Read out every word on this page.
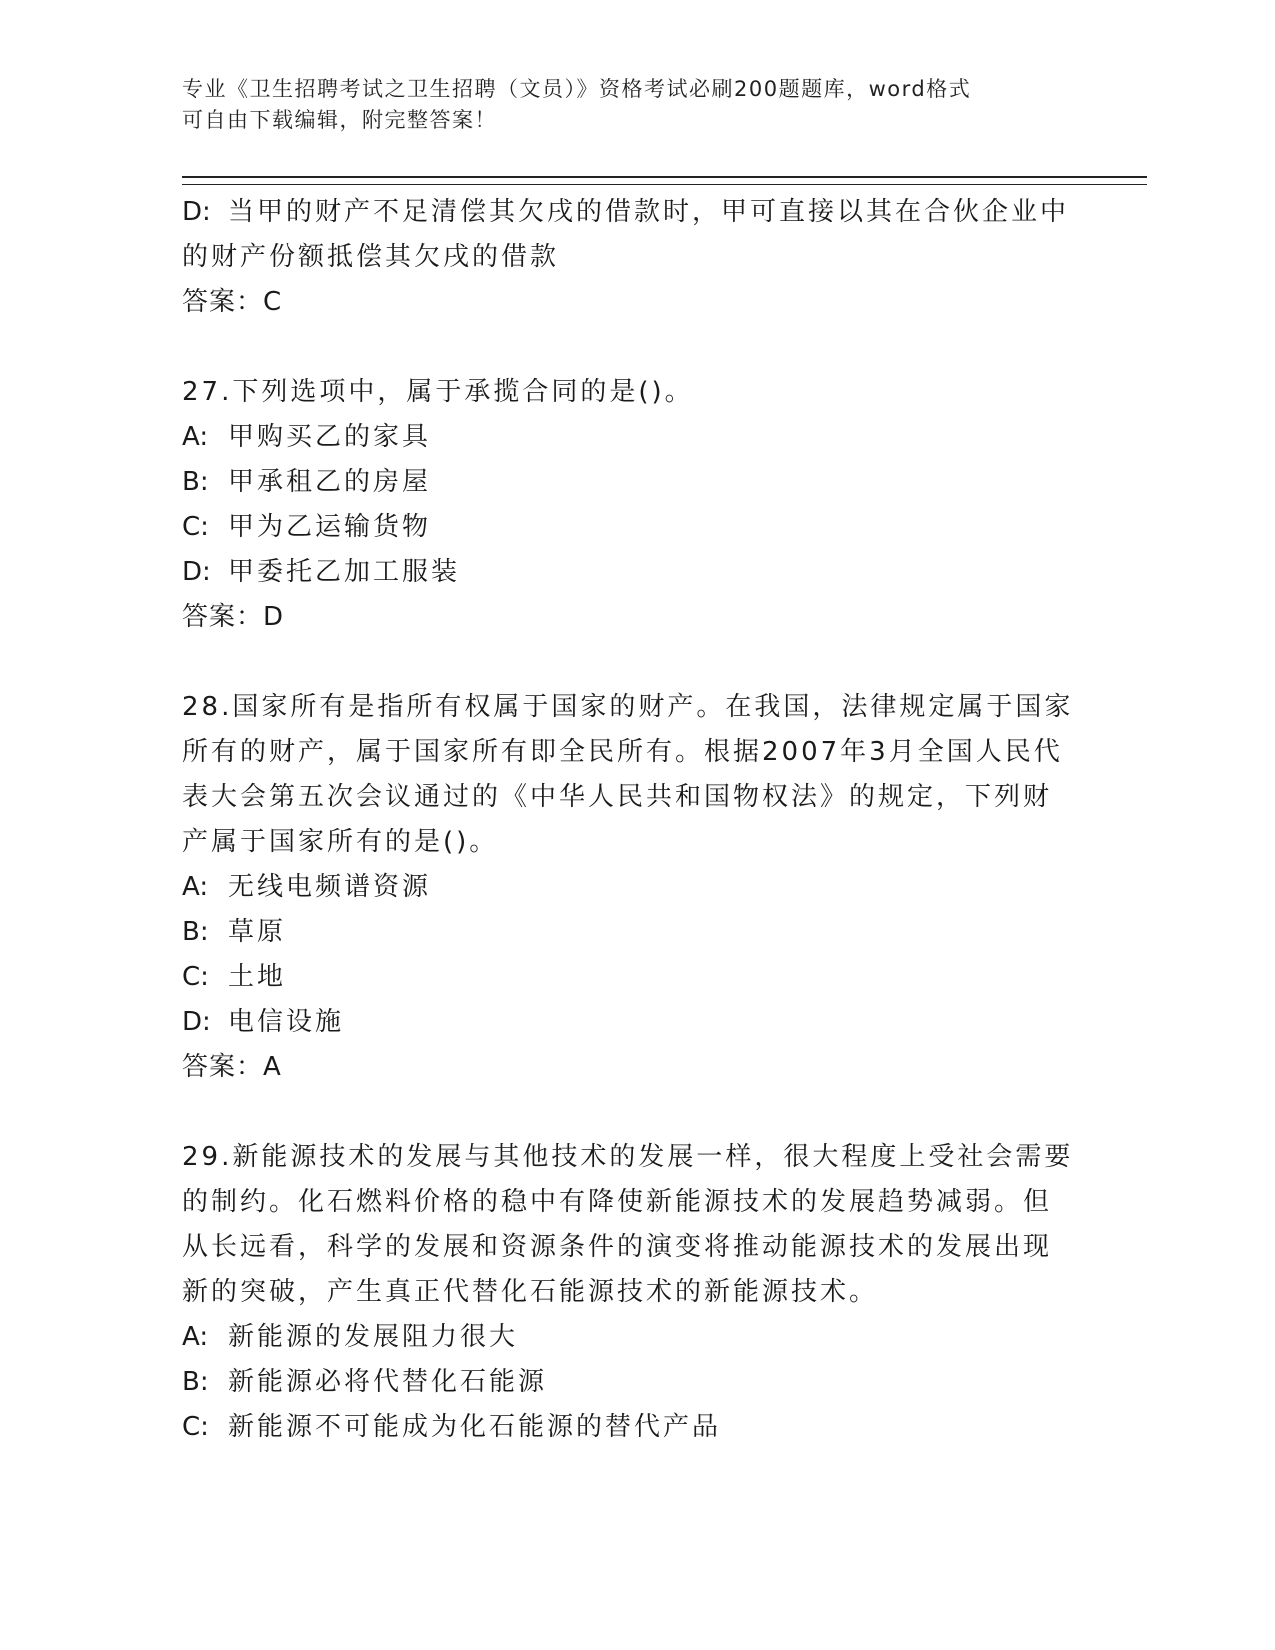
专业《卫生招聘考试之卫生招聘（文员）》资格考试必刷200题题库，word格式
可自由下载编辑，附完整答案！

D: 当甲的财产不足清偿其欠戌的借款时，甲可直接以其在合伙企业中

的财产份额抵偿其欠戌的借款

答案：C

27.下列选项中，属于承揽合同的是()。

A: 甲购买乙的家具

B: 甲承租乙的房屋

C: 甲为乙运输货物

D: 甲委托乙加工服装

答案：D

28.国家所有是指所有权属于国家的财产。在我国，法律规定属于国家

所有的财产，属于国家所有即全民所有。根据2007年3月全国人民代

表大会第五次会议通过的《中华人民共和国物权法》的规定，下列财

产属于国家所有的是()。

A: 无线电频谱资源

B: 草原

C: 土地

D: 电信设施

答案：A

29.新能源技术的发展与其他技术的发展一样，很大程度上受社会需要

的制约。化石燃料价格的稳中有降使新能源技术的发展趋势减弱。但

从长远看，科学的发展和资源条件的演变将推动能源技术的发展出现

新的突破，产生真正代替化石能源技术的新能源技术。

A: 新能源的发展阻力很大

B: 新能源必将代替化石能源

C: 新能源不可能成为化石能源的替代产品
